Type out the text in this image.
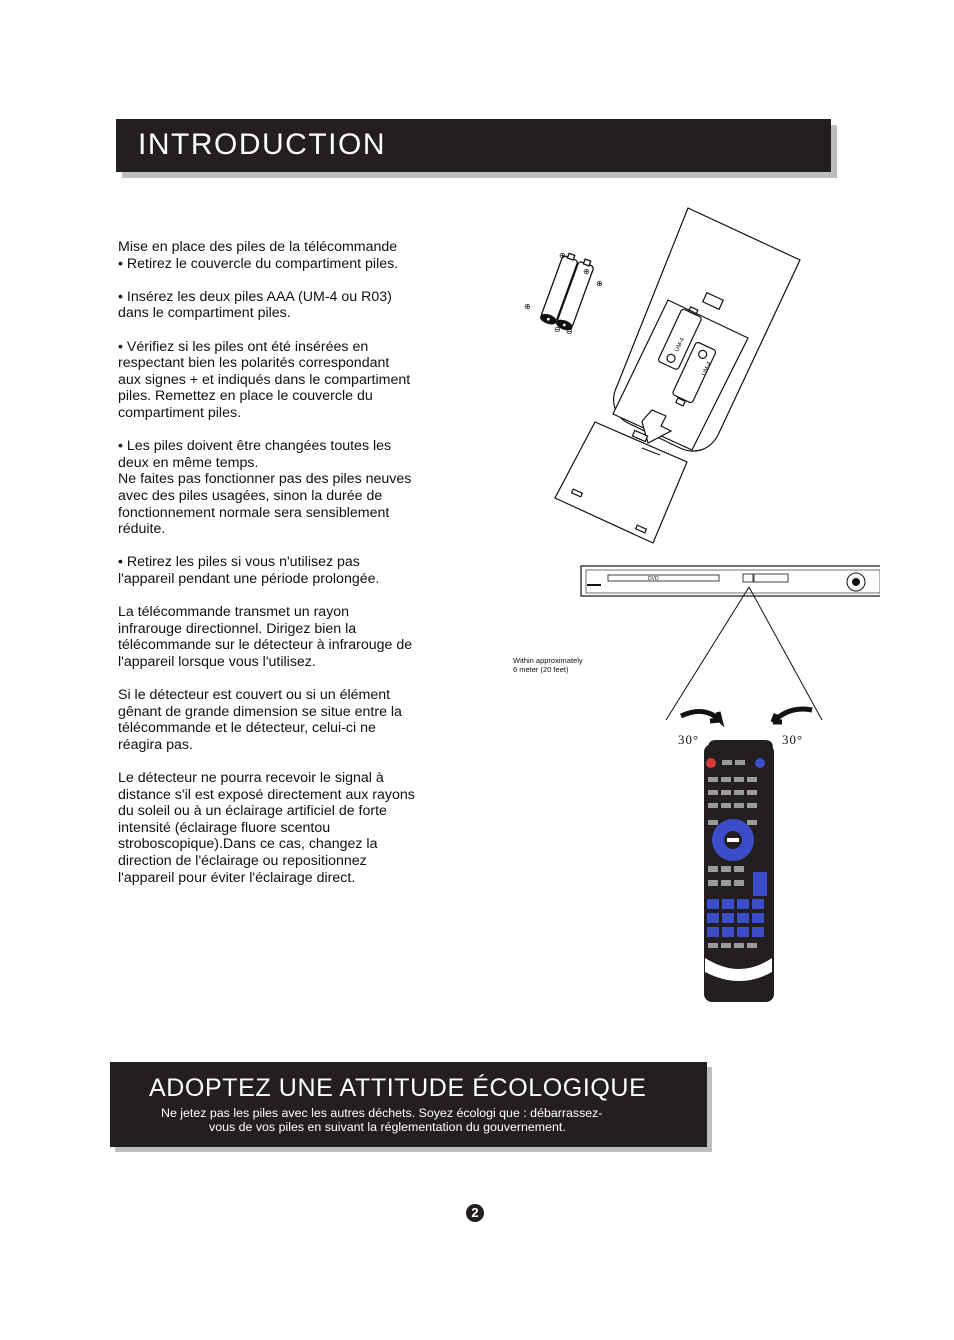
INTRODUCTION

Mise en place des piles de la télécommande
• Retirez le couvercle du compartiment piles.

• Insérez les deux piles AAA (UM-4 ou R03)
dans le compartiment piles.

• Vérifiez si les piles ont été insérées en
respectant bien les polarités correspondant
aux signes + et indiqués dans le compartiment
piles. Remettez en place le couvercle du
compartiment piles.

• Les piles doivent être changées toutes les
deux en même temps.
Ne faites pas fonctionner pas des piles neuves
avec des piles usagées, sinon la durée de
fonctionnement normale sera sensiblement
réduite.

• Retirez les piles si vous n'utilisez pas
l'appareil pendant une période prolongée.

La télécommande transmet un rayon
infrarouge directionnel. Dirigez bien la
télécommande sur le détecteur à infrarouge de
l'appareil lorsque vous l'utilisez.

Si le détecteur est couvert ou si un élément
gênant de grande dimension se situe entre la
télécommande et le détecteur, celui-ci ne
réagira pas.

Le détecteur ne pourra recevoir le signal à
distance s'il est exposé directement aux rayons
du soleil ou à un éclairage artificiel de forte
intensité (éclairage fluore scentou
stroboscopique).Dans ce cas, changez la
direction de l'éclairage ou repositionnez
l'appareil pour éviter l'éclairage direct.

UM-4
UM-4
⊕
⊕
⊕
⊕
⊖ ⊖
DVD
Within approximately
6 meter (20 feet)
30°	30°
ADOPTEZ UNE ATTITUDE ÉCOLOGIQUE
Ne jetez pas les piles avec les autres déchets. Soyez écologi que : débarrassez-
vous de vos piles en suivant la réglementation du gouvernement.
2
